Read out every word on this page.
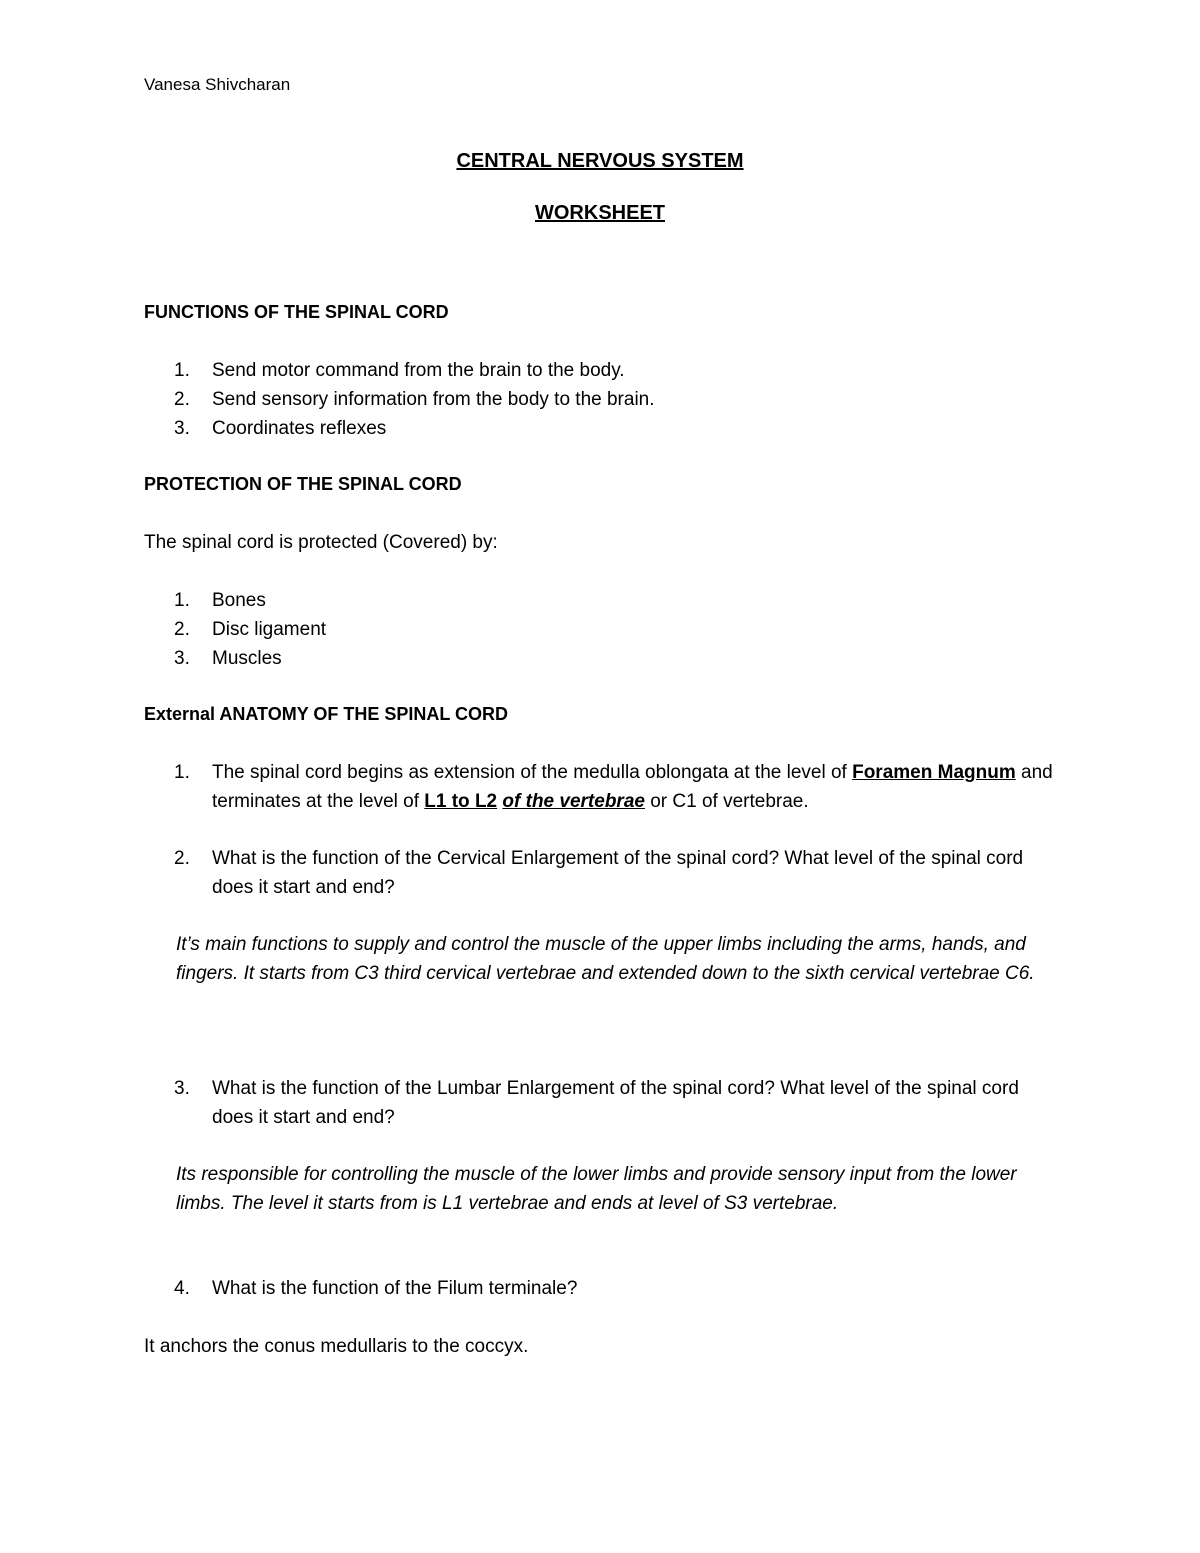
Vanesa Shivcharan
CENTRAL NERVOUS SYSTEM
WORKSHEET
FUNCTIONS OF THE SPINAL CORD
1. Send motor command from the brain to the body.
2. Send sensory information from the body to the brain.
3. Coordinates reflexes
PROTECTION OF THE SPINAL CORD
The spinal cord is protected (Covered) by:
1. Bones
2. Disc ligament
3. Muscles
External ANATOMY OF THE SPINAL CORD
1.	The spinal cord begins as extension of the medulla oblongata at the level of Foramen Magnum and terminates at the level of L1 to L2 of the vertebrae or C1 of vertebrae.
2.	What is the function of the Cervical Enlargement of the spinal cord? What level of the spinal cord does it start and end?
It’s main functions to supply and control the muscle of the upper limbs including the arms, hands, and fingers. It starts from C3 third cervical vertebrae and extended down to the sixth cervical vertebrae C6.
3.	What is the function of the Lumbar Enlargement of the spinal cord? What level of the spinal cord does it start and end?
Its responsible for controlling the muscle of the lower limbs and provide sensory input from the lower limbs. The level it starts from is L1 vertebrae and ends at level of S3 vertebrae.
4.	What is the function of the Filum terminale?
It anchors the conus medullaris to the coccyx.
